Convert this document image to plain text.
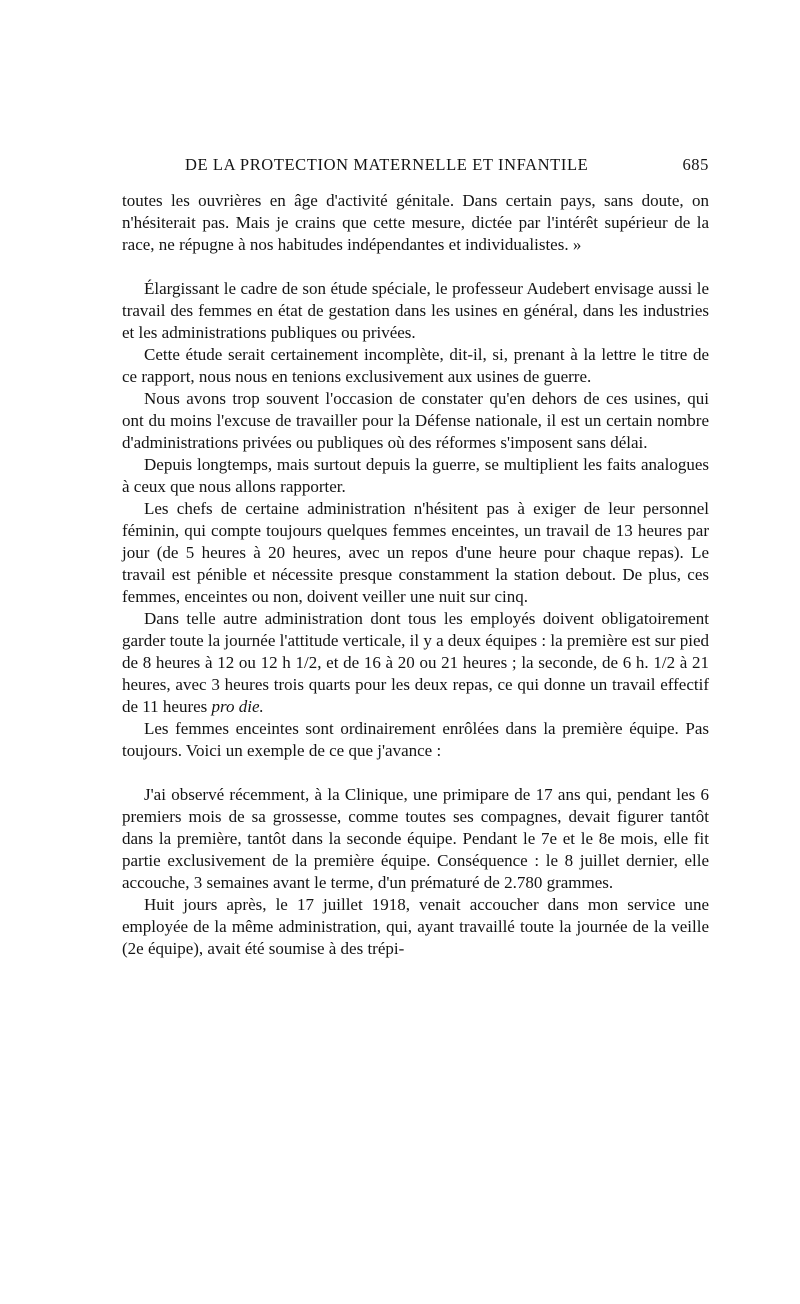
DE LA PROTECTION MATERNELLE ET INFANTILE	685

toutes les ouvrières en âge d'activité génitale. Dans certain pays, sans doute, on n'hésiterait pas. Mais je crains que cette mesure, dictée par l'intérêt supérieur de la race, ne répugne à nos habitudes indépendantes et individualistes. »

Élargissant le cadre de son étude spéciale, le professeur Audebert envisage aussi le travail des femmes en état de gestation dans les usines en général, dans les industries et les administrations publiques ou privées.

Cette étude serait certainement incomplète, dit-il, si, prenant à la lettre le titre de ce rapport, nous nous en tenions exclusivement aux usines de guerre.

Nous avons trop souvent l'occasion de constater qu'en dehors de ces usines, qui ont du moins l'excuse de travailler pour la Défense nationale, il est un certain nombre d'administrations privées ou publiques où des réformes s'imposent sans délai.

Depuis longtemps, mais surtout depuis la guerre, se multiplient les faits analogues à ceux que nous allons rapporter.

Les chefs de certaine administration n'hésitent pas à exiger de leur personnel féminin, qui compte toujours quelques femmes enceintes, un travail de 13 heures par jour (de 5 heures à 20 heures, avec un repos d'une heure pour chaque repas). Le travail est pénible et nécessite presque constamment la station debout. De plus, ces femmes, enceintes ou non, doivent veiller une nuit sur cinq.

Dans telle autre administration dont tous les employés doivent obligatoirement garder toute la journée l'attitude verticale, il y a deux équipes : la première est sur pied de 8 heures à 12 ou 12 h 1/2, et de 16 à 20 ou 21 heures ; la seconde, de 6 h. 1/2 à 21 heures, avec 3 heures trois quarts pour les deux repas, ce qui donne un travail effectif de 11 heures pro die.

Les femmes enceintes sont ordinairement enrôlées dans la première équipe. Pas toujours. Voici un exemple de ce que j'avance :

J'ai observé récemment, à la Clinique, une primipare de 17 ans qui, pendant les 6 premiers mois de sa grossesse, comme toutes ses compagnes, devait figurer tantôt dans la première, tantôt dans la seconde équipe. Pendant le 7e et le 8e mois, elle fit partie exclusivement de la première équipe. Conséquence : le 8 juillet dernier, elle accouche, 3 semaines avant le terme, d'un prématuré de 2.780 grammes.

Huit jours après, le 17 juillet 1918, venait accoucher dans mon service une employée de la même administration, qui, ayant travaillé toute la journée de la veille (2e équipe), avait été soumise à des trépi-
